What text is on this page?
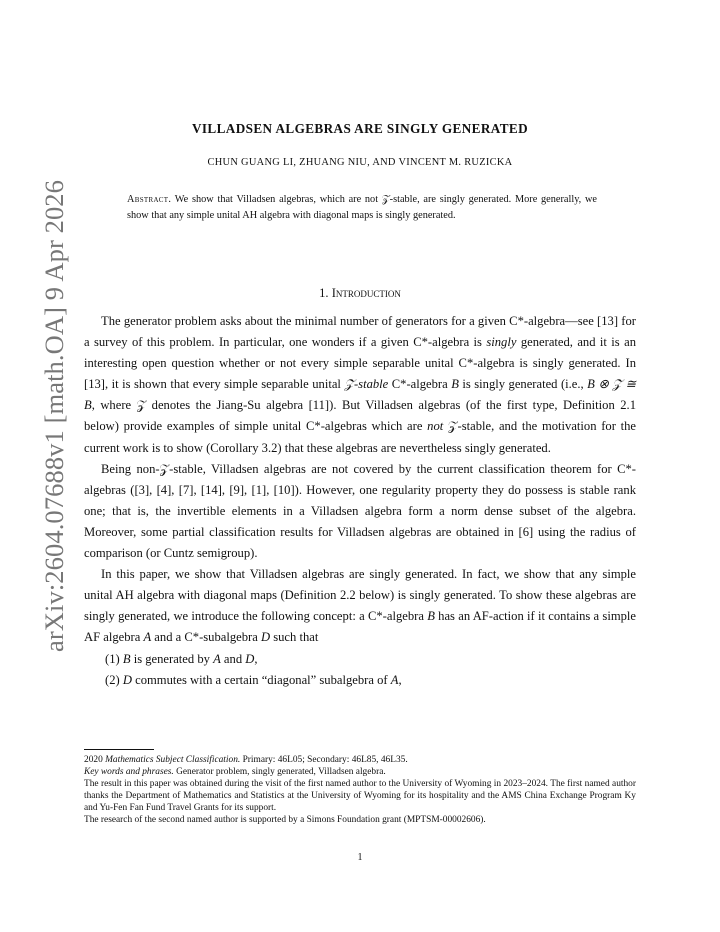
arXiv:2604.07688v1 [math.OA] 9 Apr 2026
VILLADSEN ALGEBRAS ARE SINGLY GENERATED
CHUN GUANG LI, ZHUANG NIU, AND VINCENT M. RUZICKA
Abstract. We show that Villadsen algebras, which are not 𝒵-stable, are singly generated. More generally, we show that any simple unital AH algebra with diagonal maps is singly generated.
1. Introduction

The generator problem asks about the minimal number of generators for a given C*-algebra—see [13] for a survey of this problem. In particular, one wonders if a given C*-algebra is singly generated, and it is an interesting open question whether or not every simple separable unital C*-algebra is singly generated. In [13], it is shown that every simple separable unital 𝒵-stable C*-algebra B is singly generated (i.e., B ⊗ 𝒵 ≅ B, where 𝒵 denotes the Jiang-Su algebra [11]). But Villadsen algebras (of the first type, Definition 2.1 below) provide examples of simple unital C*-algebras which are not 𝒵-stable, and the motivation for the current work is to show (Corollary 3.2) that these algebras are nevertheless singly generated.

Being non-𝒵-stable, Villadsen algebras are not covered by the current classification theorem for C*-algebras ([3], [4], [7], [14], [9], [1], [10]). However, one regularity property they do possess is stable rank one; that is, the invertible elements in a Villadsen algebra form a norm dense subset of the algebra. Moreover, some partial classification results for Villadsen algebras are obtained in [6] using the radius of comparison (or Cuntz semigroup).

In this paper, we show that Villadsen algebras are singly generated. In fact, we show that any simple unital AH algebra with diagonal maps (Definition 2.2 below) is singly generated. To show these algebras are singly generated, we introduce the following concept: a C*-algebra B has an AF-action if it contains a simple AF algebra A and a C*-subalgebra D such that

(1) B is generated by A and D,

(2) D commutes with a certain “diagonal” subalgebra of A,

2020 Mathematics Subject Classification. Primary: 46L05; Secondary: 46L85, 46L35.
Key words and phrases. Generator problem, singly generated, Villadsen algebra.
The result in this paper was obtained during the visit of the first named author to the University of Wyoming in 2023–2024. The first named author thanks the Department of Mathematics and Statistics at the University of Wyoming for its hospitality and the AMS China Exchange Program Ky and Yu-Fen Fan Fund Travel Grants for its support.
The research of the second named author is supported by a Simons Foundation grant (MPTSM-00002606).
1
